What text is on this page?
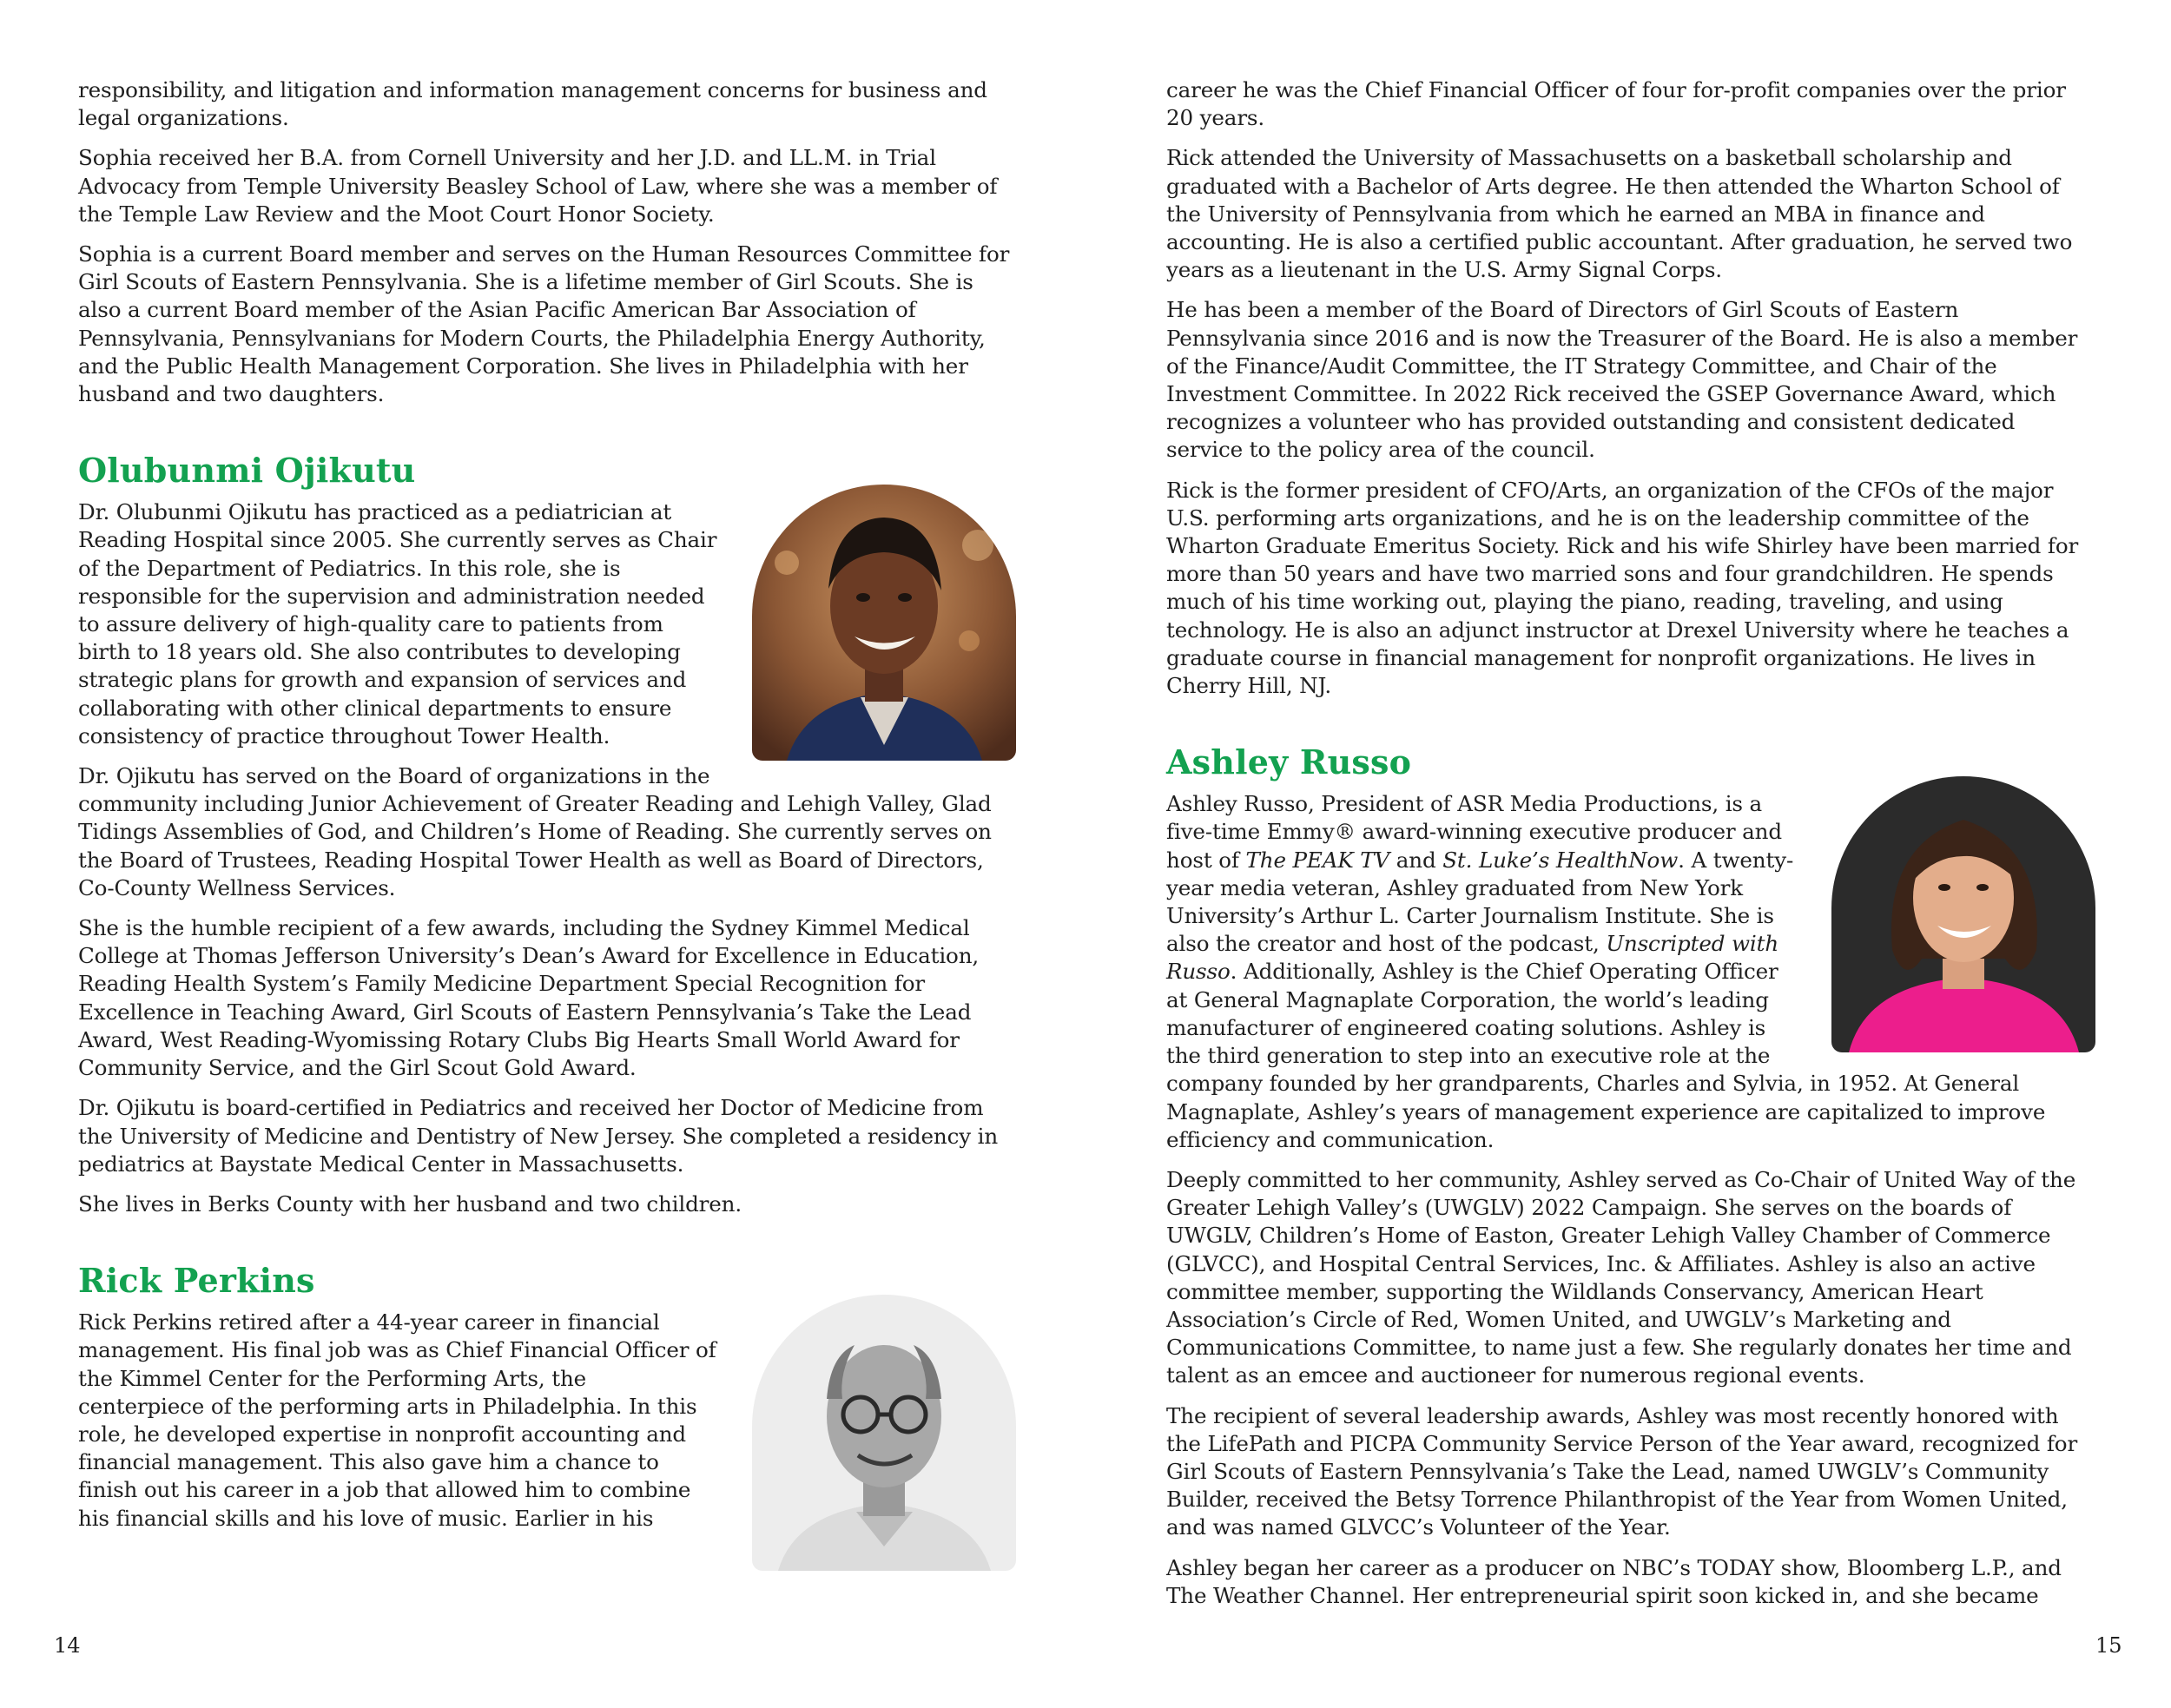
responsibility, and litigation and information management concerns for business and legal organizations.

Sophia received her B.A. from Cornell University and her J.D. and LL.M. in Trial Advocacy from Temple University Beasley School of Law, where she was a member of the Temple Law Review and the Moot Court Honor Society.

Sophia is a current Board member and serves on the Human Resources Committee for Girl Scouts of Eastern Pennsylvania. She is a lifetime member of Girl Scouts. She is also a current Board member of the Asian Pacific American Bar Association of Pennsylvania, Pennsylvanians for Modern Courts, the Philadelphia Energy Authority, and the Public Health Management Corporation. She lives in Philadelphia with her husband and two daughters.

Olubunmi Ojikutu

Dr. Olubunmi Ojikutu has practiced as a pediatrician at Reading Hospital since 2005. She currently serves as Chair of the Department of Pediatrics. In this role, she is responsible for the supervision and administration needed to assure delivery of high-quality care to patients from birth to 18 years old. She also contributes to developing strategic plans for growth and expansion of services and collaborating with other clinical departments to ensure consistency of practice throughout Tower Health.

Dr. Ojikutu has served on the Board of organizations in the community including Junior Achievement of Greater Reading and Lehigh Valley, Glad Tidings Assemblies of God, and Children’s Home of Reading. She currently serves on the Board of Trustees, Reading Hospital Tower Health as well as Board of Directors, Co-County Wellness Services.

She is the humble recipient of a few awards, including the Sydney Kimmel Medical College at Thomas Jefferson University’s Dean’s Award for Excellence in Education, Reading Health System’s Family Medicine Department Special Recognition for Excellence in Teaching Award, Girl Scouts of Eastern Pennsylvania’s Take the Lead Award, West Reading-Wyomissing Rotary Clubs Big Hearts Small World Award for Community Service, and the Girl Scout Gold Award.

Dr. Ojikutu is board-certified in Pediatrics and received her Doctor of Medicine from the University of Medicine and Dentistry of New Jersey. She completed a residency in pediatrics at Baystate Medical Center in Massachusetts.

She lives in Berks County with her husband and two children.

Rick Perkins

Rick Perkins retired after a 44-year career in financial management. His final job was as Chief Financial Officer of the Kimmel Center for the Performing Arts, the centerpiece of the performing arts in Philadelphia. In this role, he developed expertise in nonprofit accounting and financial management. This also gave him a chance to finish out his career in a job that allowed him to combine his financial skills and his love of music. Earlier in his

14

career he was the Chief Financial Officer of four for-profit companies over the prior 20 years.

Rick attended the University of Massachusetts on a basketball scholarship and graduated with a Bachelor of Arts degree. He then attended the Wharton School of the University of Pennsylvania from which he earned an MBA in finance and accounting. He is also a certified public accountant. After graduation, he served two years as a lieutenant in the U.S. Army Signal Corps.

He has been a member of the Board of Directors of Girl Scouts of Eastern Pennsylvania since 2016 and is now the Treasurer of the Board. He is also a member of the Finance/Audit Committee, the IT Strategy Committee, and Chair of the Investment Committee. In 2022 Rick received the GSEP Governance Award, which recognizes a volunteer who has provided outstanding and consistent dedicated service to the policy area of the council.

Rick is the former president of CFO/Arts, an organization of the CFOs of the major U.S. performing arts organizations, and he is on the leadership committee of the Wharton Graduate Emeritus Society. Rick and his wife Shirley have been married for more than 50 years and have two married sons and four grandchildren. He spends much of his time working out, playing the piano, reading, traveling, and using technology. He is also an adjunct instructor at Drexel University where he teaches a graduate course in financial management for nonprofit organizations. He lives in Cherry Hill, NJ.

Ashley Russo

Ashley Russo, President of ASR Media Productions, is a five-time Emmy® award-winning executive producer and host of The PEAK TV and St. Luke’s HealthNow. A twenty-year media veteran, Ashley graduated from New York University’s Arthur L. Carter Journalism Institute. She is also the creator and host of the podcast, Unscripted with Russo. Additionally, Ashley is the Chief Operating Officer at General Magnaplate Corporation, the world’s leading manufacturer of engineered coating solutions. Ashley is the third generation to step into an executive role at the company founded by her grandparents, Charles and Sylvia, in 1952. At General Magnaplate, Ashley’s years of management experience are capitalized to improve efficiency and communication.

Deeply committed to her community, Ashley served as Co-Chair of United Way of the Greater Lehigh Valley’s (UWGLV) 2022 Campaign. She serves on the boards of UWGLV, Children’s Home of Easton, Greater Lehigh Valley Chamber of Commerce (GLVCC), and Hospital Central Services, Inc. & Affiliates. Ashley is also an active committee member, supporting the Wildlands Conservancy, American Heart Association’s Circle of Red, Women United, and UWGLV’s Marketing and Communications Committee, to name just a few. She regularly donates her time and talent as an emcee and auctioneer for numerous regional events.

The recipient of several leadership awards, Ashley was most recently honored with the LifePath and PICPA Community Service Person of the Year award, recognized for Girl Scouts of Eastern Pennsylvania’s Take the Lead, named UWGLV’s Community Builder, received the Betsy Torrence Philanthropist of the Year from Women United, and was named GLVCC’s Volunteer of the Year.

Ashley began her career as a producer on NBC’s TODAY show, Bloomberg L.P., and The Weather Channel. Her entrepreneurial spirit soon kicked in, and she became

15
